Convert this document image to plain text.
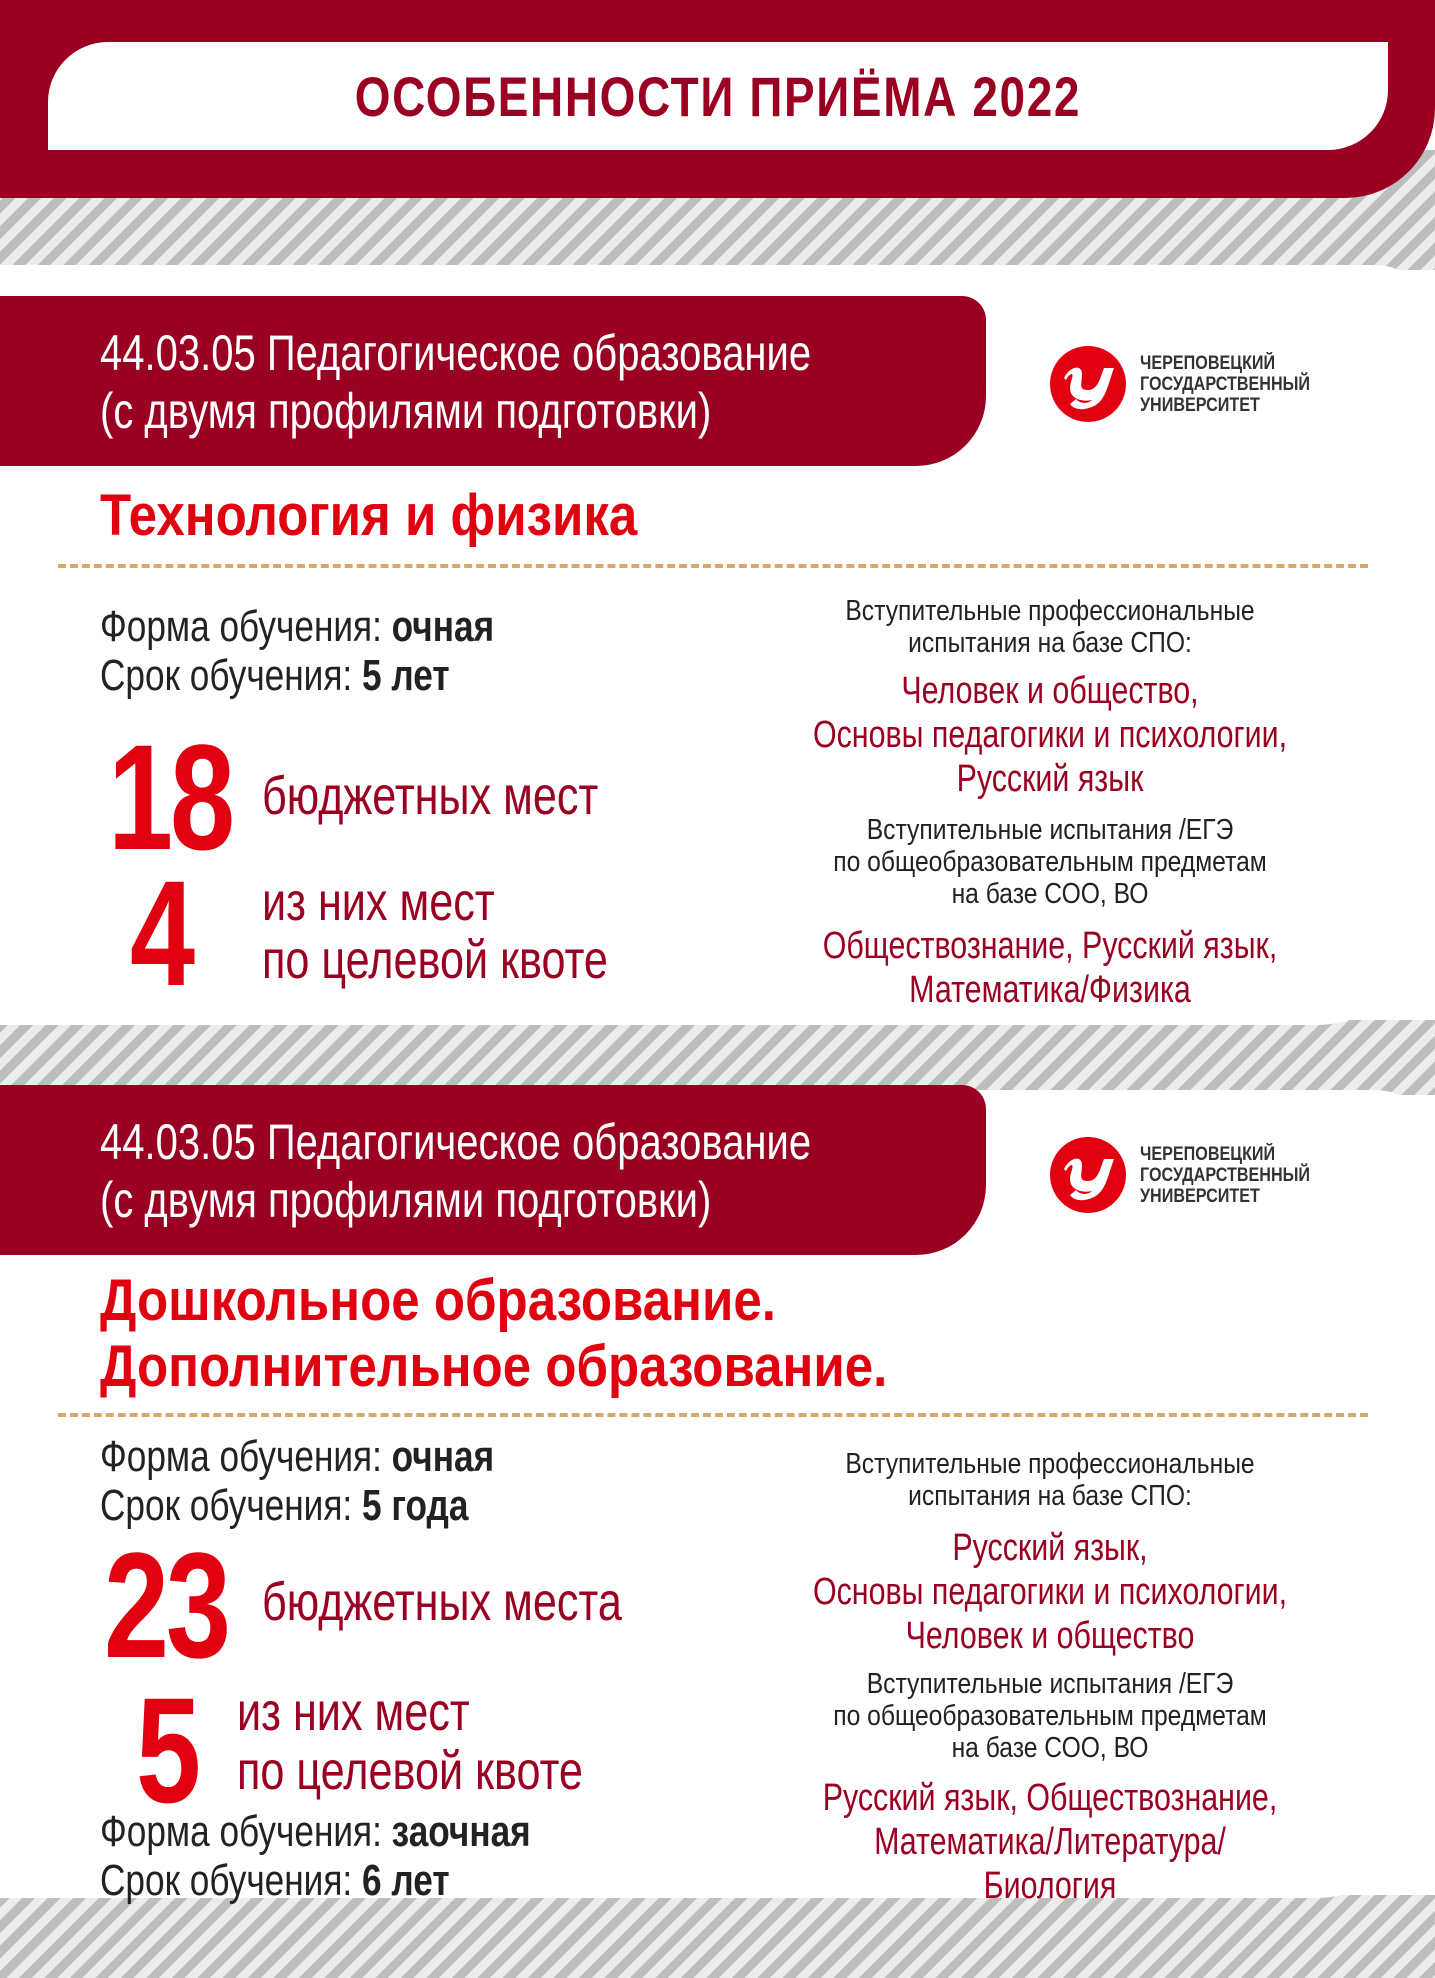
ОСОБЕННОСТИ ПРИЁМА 2022
44.03.05 Педагогическое образование
(с двумя профилями подготовки)
ЧЕРЕПОВЕЦКИЙ
ГОСУДАРСТВЕННЫЙ
УНИВЕРСИТЕТ
Технология и физика
Форма обучения: очная
Срок обучения: 5 лет
18 бюджетных мест
4 из них мест
по целевой квоте
Вступительные профессиональные
испытания на базе СПО:
Человек и общество,
Основы педагогики и психологии,
Русский язык
Вступительные испытания /ЕГЭ
по общеобразовательным предметам
на базе СОО, ВО
Обществознание, Русский язык,
Математика/Физика
44.03.05 Педагогическое образование
(с двумя профилями подготовки)
ЧЕРЕПОВЕЦКИЙ
ГОСУДАРСТВЕННЫЙ
УНИВЕРСИТЕТ
Дошкольное образование.
Дополнительное образование.
Форма обучения: очная
Срок обучения: 5 года
23 бюджетных места
5 из них мест
по целевой квоте
Форма обучения: заочная
Срок обучения: 6 лет
Вступительные профессиональные
испытания на базе СПО:
Русский язык,
Основы педагогики и психологии,
Человек и общество
Вступительные испытания /ЕГЭ
по общеобразовательным предметам
на базе СОО, ВО
Русский язык, Обществознание,
Математика/Литература/
Биология
